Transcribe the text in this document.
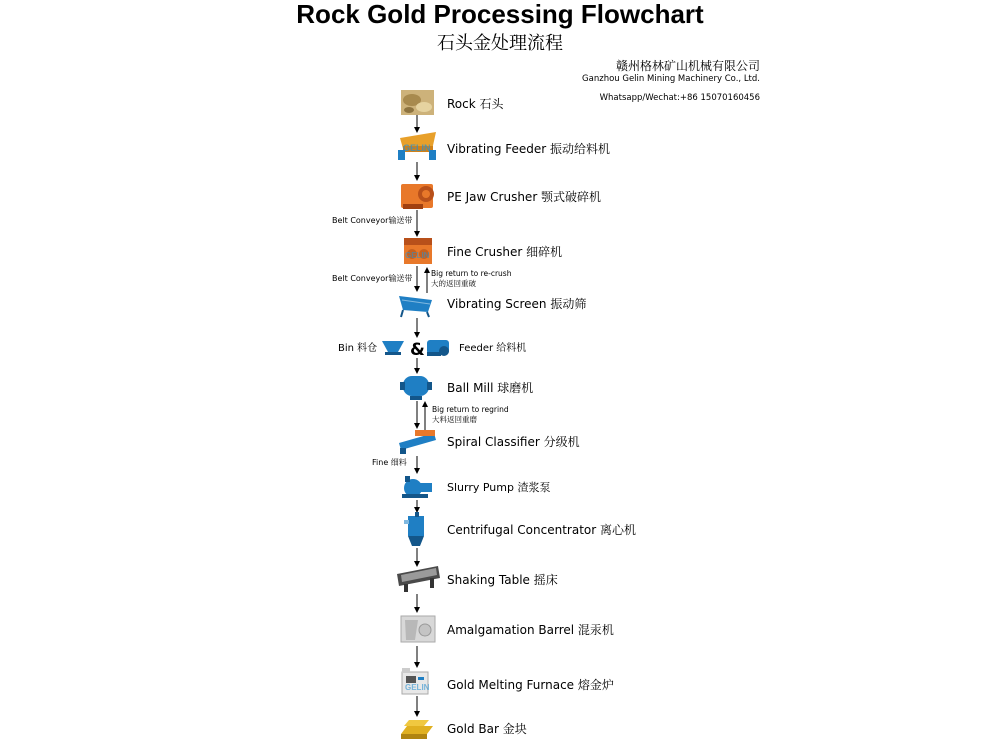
Rock Gold Processing Flowchart
石头金处理流程
赣州格林矿山机械有限公司
Ganzhou Gelin Mining Machinery Co., Ltd.
Whatsapp/Wechat:+86 15070160456
GELIN
GELIN
GELIN
Rock 石头
Vibrating Feeder 振动给料机
PE Jaw Crusher 颚式破碎机
Fine Crusher 细碎机
Vibrating Screen 振动筛
Ball Mill 球磨机
Spiral Classifier 分级机
Slurry Pump 渣浆泵
Centrifugal Concentrator 离心机
Shaking Table 摇床
Amalgamation Barrel 混汞机
Gold Melting Furnace 熔金炉
Gold Bar 金块
Belt Conveyor输送带
Belt Conveyor输送带
Fine 细料
Big return to re-crush
大的返回重破
Big return to regrind
大料返回重磨
Bin 料仓 &	Feeder 给料机
